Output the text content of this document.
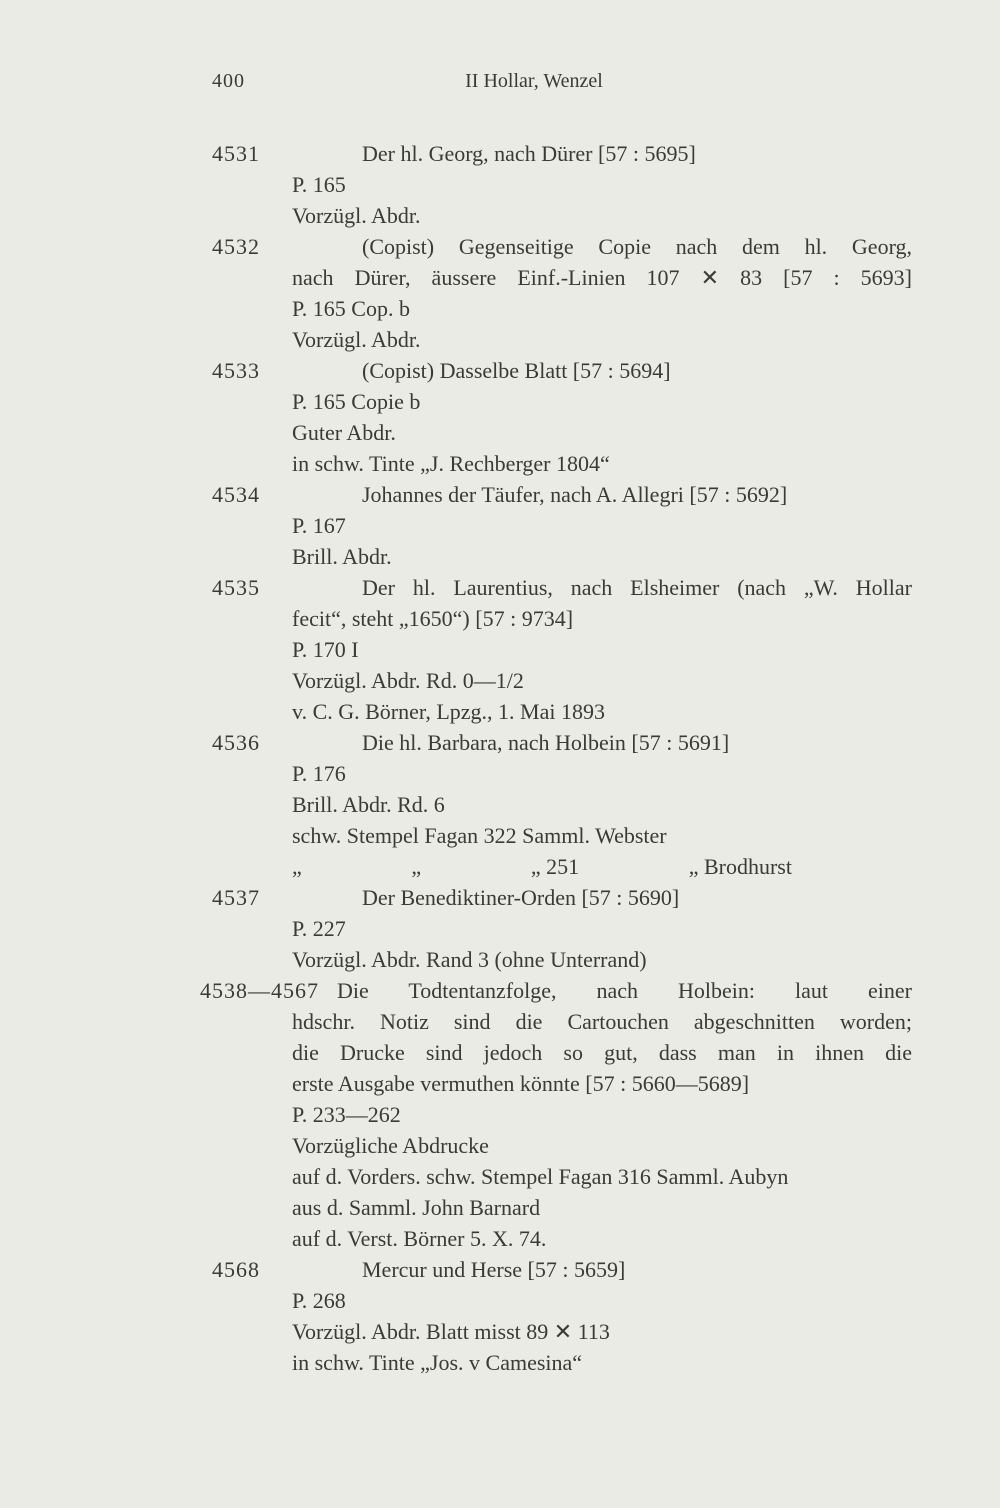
400	II Hollar, Wenzel
4531	Der hl. Georg, nach Dürer [57 : 5695]
P. 165
Vorzügl. Abdr.
4532	(Copist) Gegenseitige Copie nach dem hl. Georg,
nach Dürer, äussere Einf.-Linien 107 ✕ 83 [57 : 5693]
P. 165 Cop. b
Vorzügl. Abdr.
4533	(Copist) Dasselbe Blatt [57 : 5694]
P. 165 Copie b
Guter Abdr.
in schw. Tinte „J. Rechberger 1804“
4534	Johannes der Täufer, nach A. Allegri [57 : 5692]
P. 167
Brill. Abdr.
4535	Der hl. Laurentius, nach Elsheimer (nach „W. Hollar
fecit“, steht „1650“) [57 : 9734]
P. 170 I
Vorzügl. Abdr. Rd. 0—1/2
v. C. G. Börner, Lpzg., 1. Mai 1893
4536	Die hl. Barbara, nach Holbein [57 : 5691]
P. 176
Brill. Abdr. Rd. 6
schw. Stempel Fagan 322 Samml. Webster
„	„	„ 251	„ Brodhurst
4537	Der Benediktiner-Orden [57 : 5690]
P. 227
Vorzügl. Abdr. Rand 3 (ohne Unterrand)
4538—4567 Die Todtentanzfolge, nach Holbein: laut einer
hdschr. Notiz sind die Cartouchen abgeschnitten worden;
die Drucke sind jedoch so gut, dass man in ihnen die
erste Ausgabe vermuthen könnte [57 : 5660—5689]
P. 233—262
Vorzügliche Abdrucke
auf d. Vorders. schw. Stempel Fagan 316 Samml. Aubyn
aus d. Samml. John Barnard
auf d. Verst. Börner 5. X. 74.
4568	Mercur und Herse [57 : 5659]
P. 268
Vorzügl. Abdr. Blatt misst 89 ✕ 113
in schw. Tinte „Jos. v Camesina“
